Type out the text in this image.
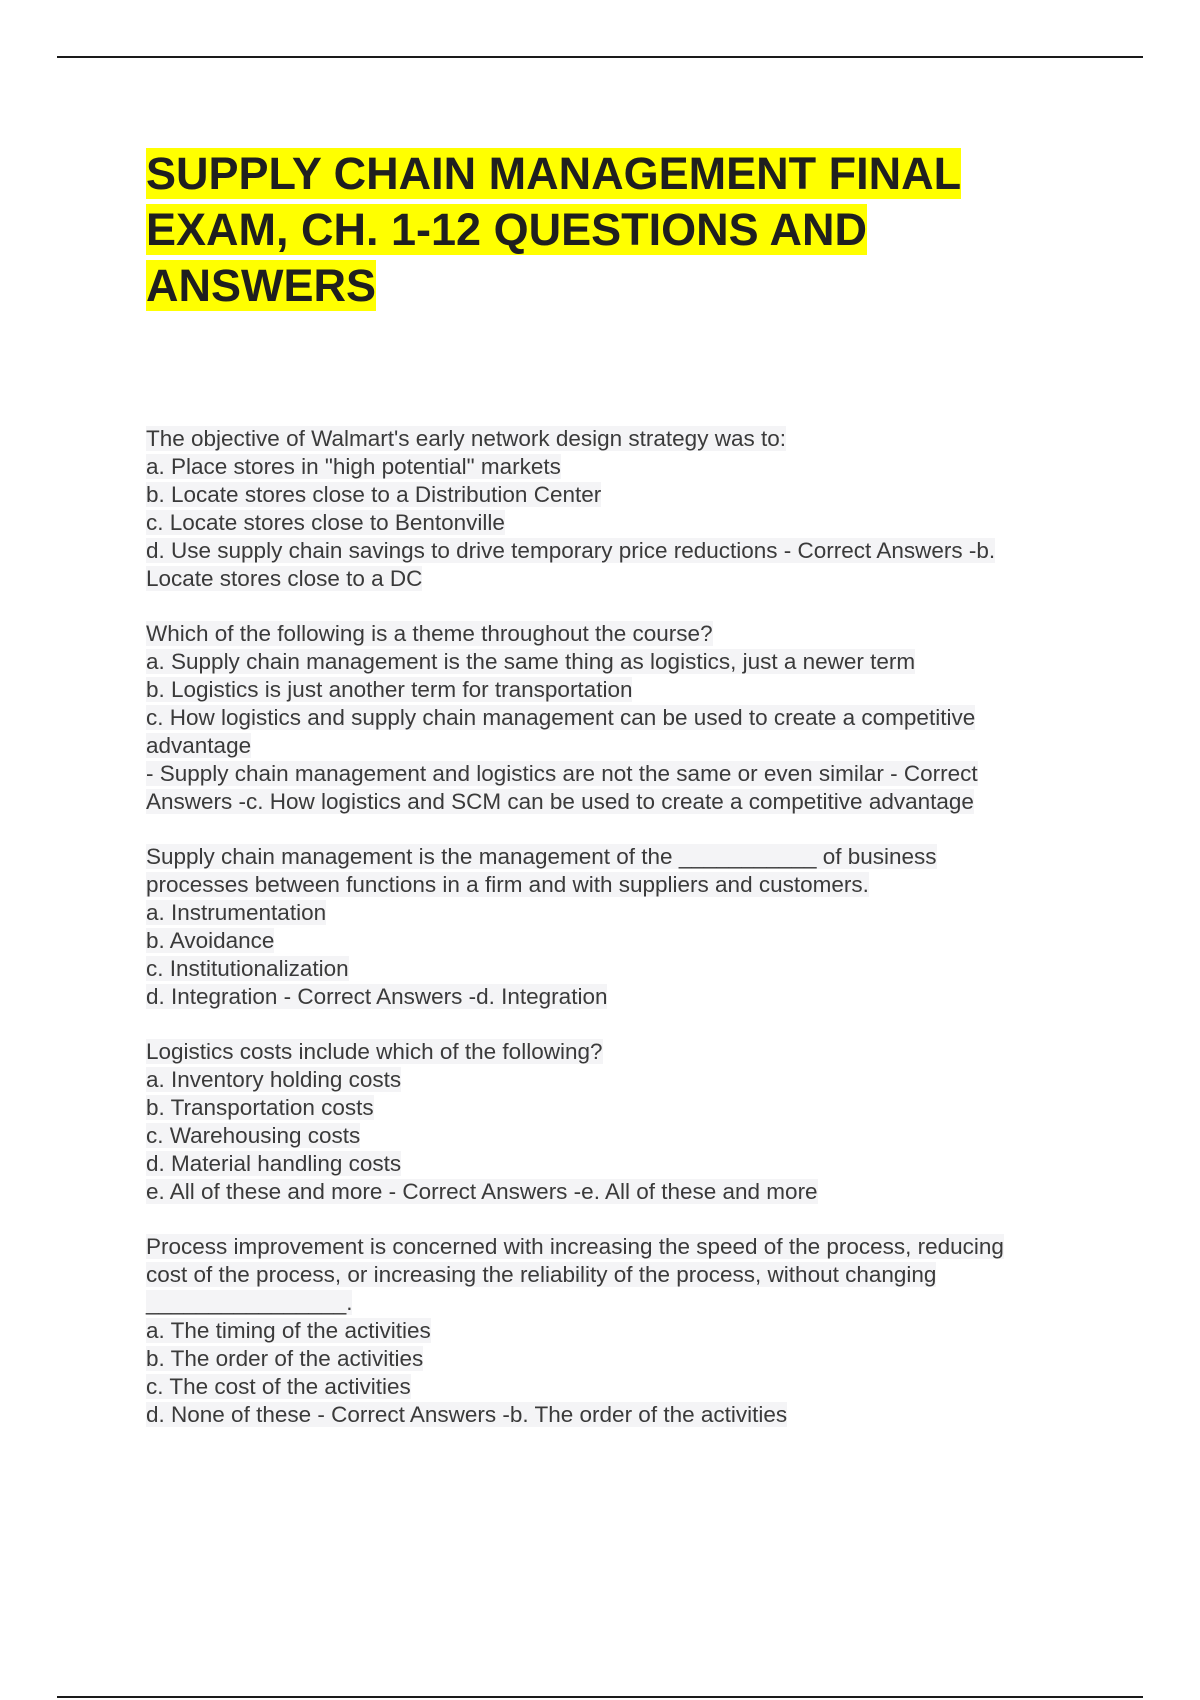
SUPPLY CHAIN MANAGEMENT FINAL
EXAM, CH. 1-12 QUESTIONS AND
ANSWERS
The objective of Walmart's early network design strategy was to:
a. Place stores in "high potential" markets
b. Locate stores close to a Distribution Center
c. Locate stores close to Bentonville
d. Use supply chain savings to drive temporary price reductions - Correct Answers -b.
Locate stores close to a DC
Which of the following is a theme throughout the course?
a. Supply chain management is the same thing as logistics, just a newer term
b. Logistics is just another term for transportation
c. How logistics and supply chain management can be used to create a competitive
advantage
- Supply chain management and logistics are not the same or even similar - Correct
Answers -c. How logistics and SCM can be used to create a competitive advantage
Supply chain management is the management of the ___________ of business
processes between functions in a firm and with suppliers and customers.
a. Instrumentation
b. Avoidance
c. Institutionalization
d. Integration - Correct Answers -d. Integration
Logistics costs include which of the following?
a. Inventory holding costs
b. Transportation costs
c. Warehousing costs
d. Material handling costs
e. All of these and more - Correct Answers -e. All of these and more
Process improvement is concerned with increasing the speed of the process, reducing
cost of the process, or increasing the reliability of the process, without changing
________________.
a. The timing of the activities
b. The order of the activities
c. The cost of the activities
d. None of these - Correct Answers -b. The order of the activities
